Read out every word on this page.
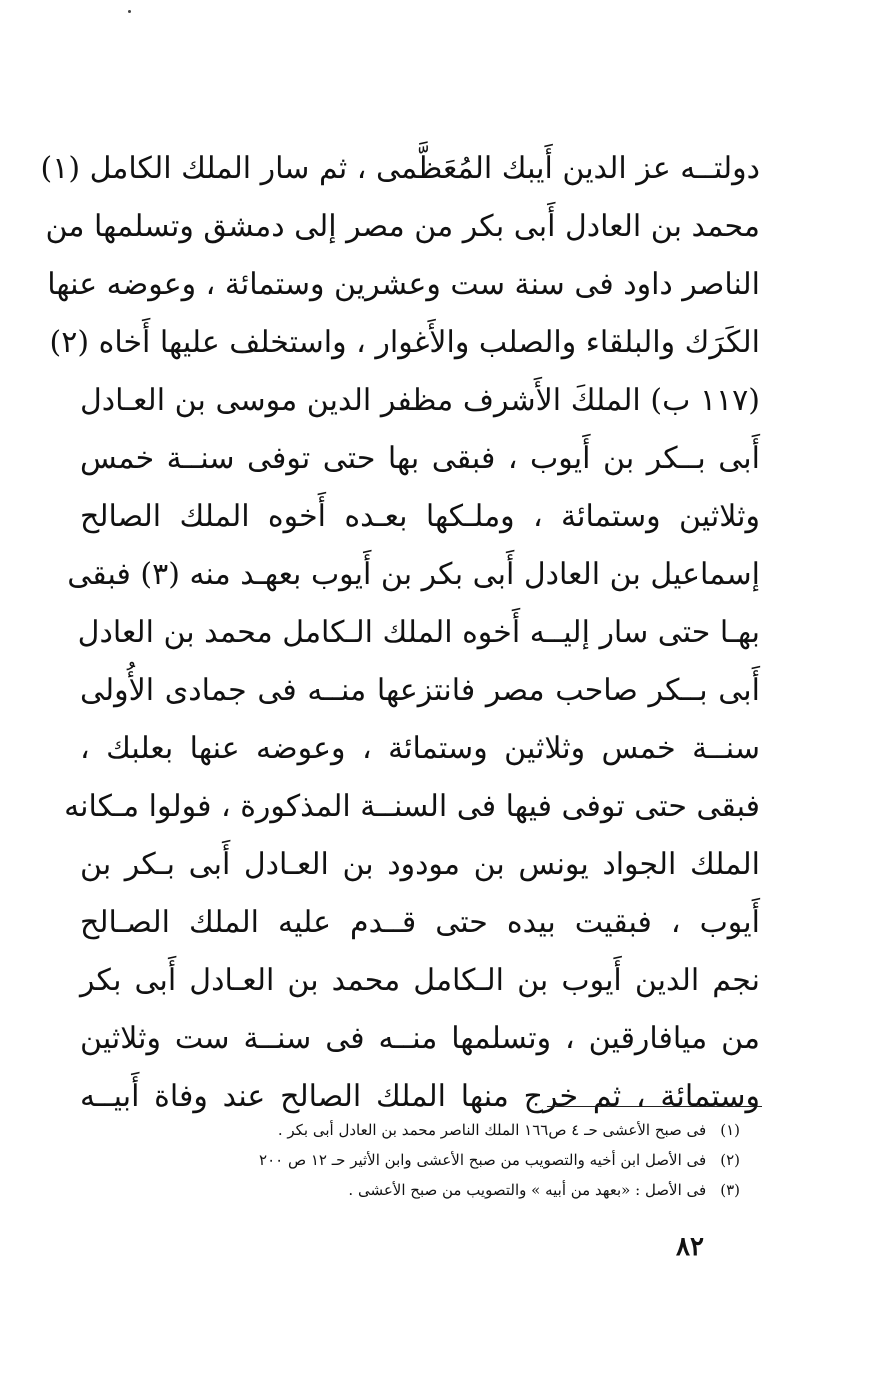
دولتــه عز الدين أَيبك المُعَظَّمى ، ثم سار الملك الكامل (١)
محمد بن العادل أَبى بكر من مصر إلى دمشق وتسلمها من
الناصر داود فى سنة ست وعشرين وستمائة ، وعوضه عنها
الكَرَك والبلقاء والصلب والأَغوار ، واستخلف عليها أَخاه (٢)
(١١٧ ب) الملكَ الأَشرف مظفر الدين موسى بن العـادل
أَبى بــكر بن أَيوب ، فبقى بها حتى توفى سنــة خمس
وثلاثين وستمائة ، وملـكها بعـده أَخوه الملك الصالح
إسماعيل بن العادل أَبى بكر بن أَيوب بعهـد منه (٣) فبقى
بهـا حتى سار إليــه أَخوه الملك الـكامل محمد بن العادل
أَبى بــكر صاحب مصر فانتزعها منــه فى جمادى الأُولى
سنــة خمس وثلاثين وستمائة ، وعوضه عنها بعلبك ،
فبقى حتى توفى فيها فى السنــة المذكورة ، فولوا مـكانه
الملك الجواد يونس بن مودود بن العـادل أَبى بـكر بن
أَيوب ، فبقيت بيده حتى قــدم عليه الملك الصـالح
نجم الدين أَيوب بن الـكامل محمد بن العـادل أَبى بكر
من ميافارقين ، وتسلمها منــه فى سنــة ست وثلاثين
وستمائة ، ثم خرج منها الملك الصالح عند وفاة أَبيــه
(١)فى صبح الأعشى حـ ٤ ص١٦٦ الملك الناصر محمد بن العادل أبى بكر .
(٢)فى الأصل ابن أخيه والتصويب من صبح الأعشى وابن الأثير حـ ١٢ ص ٢٠٠
(٣)فى الأصل : «بعهد من أبيه » والتصويب من صبح الأعشى .
٨٢
